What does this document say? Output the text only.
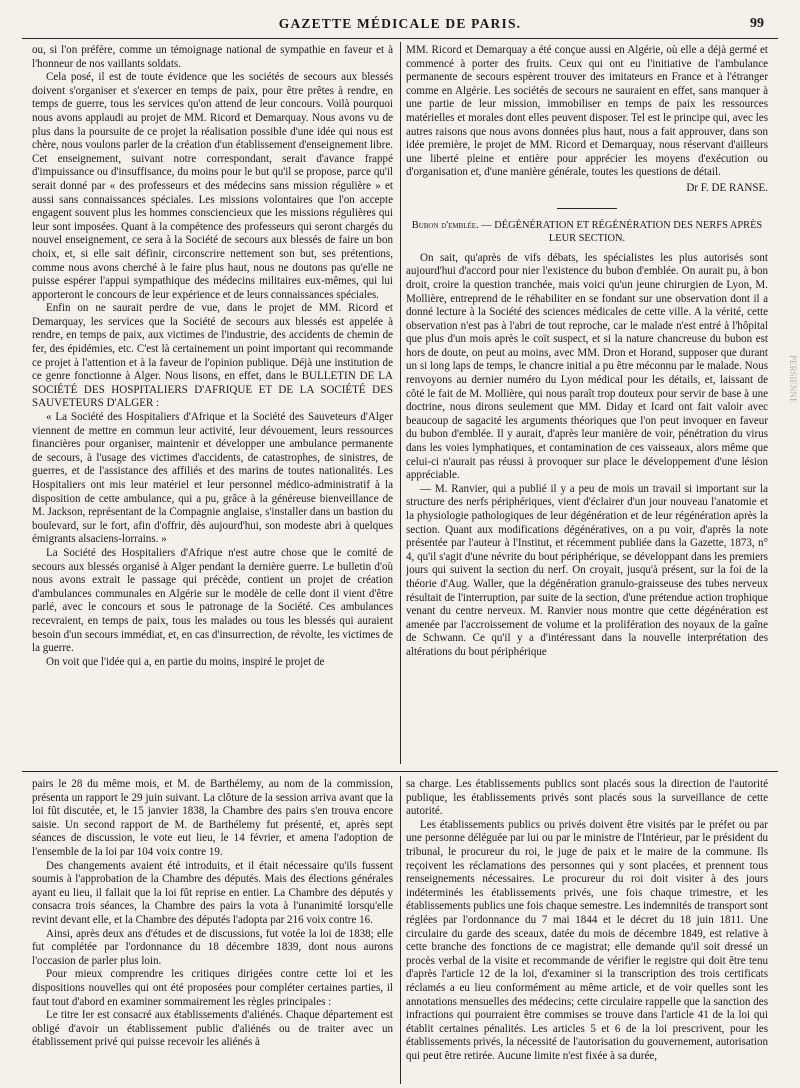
GAZETTE MÉDICALE DE PARIS.	99

ou, si l'on préfère, comme un témoignage national de sympathie en faveur et à l'honneur de nos vaillants soldats.

Cela posé, il est de toute évidence que les sociétés de secours aux blessés doivent s'organiser et s'exercer en temps de paix, pour être prêtes à rendre, en temps de guerre, tous les services qu'on attend de leur concours. Voilà pourquoi nous avons applaudi au projet de MM. Ricord et Demarquay. Nous avons vu de plus dans la poursuite de ce projet la réalisation possible d'une idée qui nous est chère, nous voulons parler de la création d'un établissement d'enseignement libre. Cet enseignement, suivant notre correspondant, serait d'avance frappé d'impuissance ou d'insuffisance, du moins pour le but qu'il se propose, parce qu'il serait donné par « des professeurs et des médecins sans mission régulière » et aussi sans connaissances spéciales. Les missions volontaires que l'on accepte engagent souvent plus les hommes consciencieux que les missions régulières qui leur sont imposées. Quant à la compétence des professeurs qui seront chargés du nouvel enseignement, ce sera à la Société de secours aux blessés de faire un bon choix, et, si elle sait définir, circonscrire nettement son but, ses prétentions, comme nous avons cherché à le faire plus haut, nous ne doutons pas qu'elle ne puisse espérer l'appui sympathique des médecins militaires eux-mêmes, qui lui apporteront le concours de leur expérience et de leurs connaissances spéciales.

Enfin on ne saurait perdre de vue, dans le projet de MM. Ricord et Demarquay, les services que la Société de secours aux blessés est appelée à rendre, en temps de paix, aux victimes de l'industrie, des accidents de chemin de fer, des épidémies, etc. C'est là certainement un point important qui recommande ce projet à l'attention et à la faveur de l'opinion publique. Déjà une institution de ce genre fonctionne à Alger. Nous lisons, en effet, dans le BULLETIN DE LA SOCIÉTÉ DES HOSPITALIERS D'AFRIQUE ET DE LA SOCIÉTÉ DES SAUVETEURS D'ALGER :

« La Société des Hospitaliers d'Afrique et la Société des Sauveteurs d'Alger viennent de mettre en commun leur activité, leur dévouement, leurs ressources financières pour organiser, maintenir et développer une ambulance permanente de secours, à l'usage des victimes d'accidents, de catastrophes, de sinistres, de guerres, et de l'assistance des affiliés et des marins de toutes nationalités. Les Hospitaliers ont mis leur matériel et leur personnel médico-administratif à la disposition de cette ambulance, qui a pu, grâce à la généreuse bienveillance de M. Jackson, représentant de la Compagnie anglaise, s'installer dans un bastion du boulevard, sur le fort, afin d'offrir, dès aujourd'hui, son modeste abri à quelques émigrants alsaciens-lorrains. »

La Société des Hospitaliers d'Afrique n'est autre chose que le comité de secours aux blessés organisé à Alger pendant la dernière guerre. Le bulletin d'où nous avons extrait le passage qui précède, contient un projet de création d'ambulances communales en Algérie sur le modèle de celle dont il vient d'être parlé, avec le concours et sous le patronage de la Société. Ces ambulances recevraient, en temps de paix, tous les malades ou tous les blessés qui auraient besoin d'un secours immédiat, et, en cas d'insurrection, de révolte, les victimes de la guerre.

On voit que l'idée qui a, en partie du moins, inspiré le projet de

MM. Ricord et Demarquay a été conçue aussi en Algérie, où elle a déjà germé et commencé à porter des fruits. Ceux qui ont eu l'initiative de l'ambulance permanente de secours espèrent trouver des imitateurs en France et à l'étranger comme en Algérie. Les sociétés de secours ne sauraient en effet, sans manquer à une partie de leur mission, immobiliser en temps de paix les ressources matérielles et morales dont elles peuvent disposer. Tel est le principe qui, avec les autres raisons que nous avons données plus haut, nous a fait approuver, dans son idée première, le projet de MM. Ricord et Demarquay, nous réservant d'ailleurs une liberté pleine et entière pour apprécier les moyens d'exécution ou d'organisation et, d'une manière générale, toutes les questions de détail.

Dr F. DE RANSE.
Bubon d'emblée. — DÉGÉNÉRATION ET RÉGÉNÉRATION DES NERFS APRÈS LEUR SECTION.

On sait, qu'après de vifs débats, les spécialistes les plus autorisés sont aujourd'hui d'accord pour nier l'existence du bubon d'emblée. On aurait pu, à bon droit, croire la question tranchée, mais voici qu'un jeune chirurgien de Lyon, M. Mollière, entreprend de le réhabiliter en se fondant sur une observation dont il a donné lecture à la Société des sciences médicales de cette ville. A la vérité, cette observation n'est pas à l'abri de tout reproche, car le malade n'est entré à l'hôpital que plus d'un mois après le coït suspect, et si la nature chancreuse du bubon est hors de doute, on peut au moins, avec MM. Dron et Horand, supposer que durant un si long laps de temps, le chancre initial a pu être méconnu par le malade. Nous renvoyons au dernier numéro du Lyon médical pour les détails, et, laissant de côté le fait de M. Mollière, qui nous paraît trop douteux pour servir de base à une doctrine, nous dirons seulement que MM. Diday et Icard ont fait valoir avec beaucoup de sagacité les arguments théoriques que l'on peut invoquer en faveur du bubon d'emblée. Il y aurait, d'après leur manière de voir, pénétration du virus dans les voies lymphatiques, et contamination de ces vaisseaux, alors même que celui-ci n'aurait pas réussi à provoquer sur place le développement d'une lésion appréciable.

— M. Ranvier, qui a publié il y a peu de mois un travail si important sur la structure des nerfs périphériques, vient d'éclairer d'un jour nouveau l'anatomie et la physiologie pathologiques de leur dégénération et de leur régénération après la section. Quant aux modifications dégénératives, on a pu voir, d'après la note présentée par l'auteur à l'Institut, et récemment publiée dans la Gazette, 1873, n° 4, qu'il s'agit d'une névrite du bout périphérique, se développant dans les premiers jours qui suivent la section du nerf. On croyait, jusqu'à présent, sur la foi de la théorie d'Aug. Waller, que la dégénération granulo-graisseuse des tubes nerveux résultait de l'interruption, par suite de la section, d'une prétendue action trophique venant du centre nerveux. M. Ranvier nous montre que cette dégénération est amenée par l'accroissement de volume et la prolifération des noyaux de la gaîne de Schwann. Ce qu'il y a d'intéressant dans la nouvelle interprétation des altérations du bout périphérique

pairs le 28 du même mois, et M. de Barthélemy, au nom de la commission, présenta un rapport le 29 juin suivant. La clôture de la session arriva avant que la loi fût discutée, et, le 15 janvier 1838, la Chambre des pairs s'en trouva encore saisie. Un second rapport de M. de Barthélemy fut présenté, et, après sept séances de discussion, le vote eut lieu, le 14 février, et amena l'adoption de l'ensemble de la loi par 104 voix contre 19.

Des changements avaient été introduits, et il était nécessaire qu'ils fussent soumis à l'approbation de la Chambre des députés. Mais des élections générales ayant eu lieu, il fallait que la loi fût reprise en entier. La Chambre des députés y consacra trois séances, la Chambre des pairs la vota à l'unanimité lorsqu'elle revint devant elle, et la Chambre des députés l'adopta par 216 voix contre 16.

Ainsi, après deux ans d'études et de discussions, fut votée la loi de 1838; elle fut complétée par l'ordonnance du 18 décembre 1839, dont nous aurons l'occasion de parler plus loin.

Pour mieux comprendre les critiques dirigées contre cette loi et les dispositions nouvelles qui ont été proposées pour compléter certaines parties, il faut tout d'abord en examiner sommairement les règles principales :

Le titre Ier est consacré aux établissements d'aliénés. Chaque département est obligé d'avoir un établissement public d'aliénés ou de traiter avec un établissement privé qui puisse recevoir les aliénés à

sa charge. Les établissements publics sont placés sous la direction de l'autorité publique, les établissements privés sont placés sous la surveillance de cette autorité.

Les établissements publics ou privés doivent être visités par le préfet ou par une personne déléguée par lui ou par le ministre de l'Intérieur, par le président du tribunal, le procureur du roi, le juge de paix et le maire de la commune. Ils reçoivent les réclamations des personnes qui y sont placées, et prennent tous renseignements nécessaires. Le procureur du roi doit visiter à des jours indéterminés les établissements privés, une fois chaque trimestre, et les établissements publics une fois chaque semestre. Les indemnités de transport sont réglées par l'ordonnance du 7 mai 1844 et le décret du 18 juin 1811. Une circulaire du garde des sceaux, datée du mois de décembre 1849, est relative à cette branche des fonctions de ce magistrat; elle demande qu'il soit dressé un procès verbal de la visite et recommande de vérifier le registre qui doit être tenu d'après l'article 12 de la loi, d'examiner si la transcription des trois certificats réclamés a eu lieu conformément au même article, et de voir quelles sont les annotations mensuelles des médecins; cette circulaire rappelle que la sanction des infractions qui pourraient être commises se trouve dans l'article 41 de la loi qui établit certaines pénalités. Les articles 5 et 6 de la loi prescrivent, pour les établissements privés, la nécessité de l'autorisation du gouvernement, autorisation qui peut être retirée. Aucune limite n'est fixée à sa durée,

PERSIENNE
